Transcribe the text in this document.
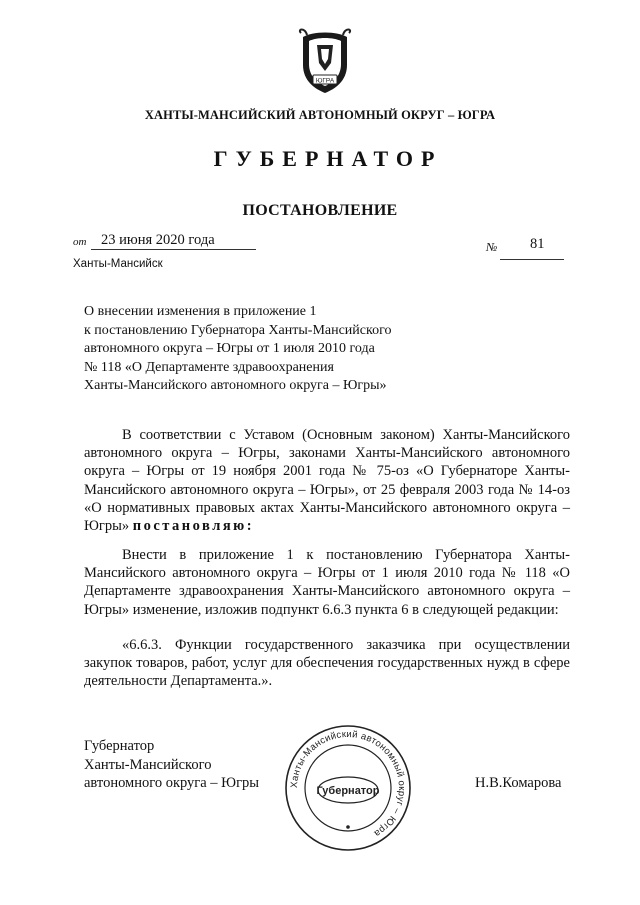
ЮГРА
ХАНТЫ-МАНСИЙСКИЙ АВТОНОМНЫЙ ОКРУГ – ЮГРА
ГУБЕРНАТОР
ПОСТАНОВЛЕНИЕ
от 23 июня 2020 года	№ 81
Ханты-Мансийск
О внесении изменения в приложение 1
к постановлению Губернатора Ханты-Мансийского
автономного округа – Югры от 1 июля 2010 года
№ 118 «О Департаменте здравоохранения
Ханты-Мансийского автономного округа – Югры»
В соответствии с Уставом (Основным законом) Ханты-Мансийского автономного округа – Югры, законами Ханты-Мансийского автономного округа – Югры от 19 ноября 2001 года № 75-оз «О Губернаторе Ханты-Мансийского автономного округа – Югры», от 25 февраля 2003 года № 14-оз «О нормативных правовых актах Ханты-Мансийского автономного округа – Югры» постановляю:
Внести в приложение 1 к постановлению Губернатора Ханты-Мансийского автономного округа – Югры от 1 июля 2010 года № 118 «О Департаменте здравоохранения Ханты-Мансийского автономного округа – Югры» изменение, изложив подпункт 6.6.3 пункта 6 в следующей редакции:
«6.6.3. Функции государственного заказчика при осуществлении закупок товаров, работ, услуг для обеспечения государственных нужд в сфере деятельности Департамента.».
Губернатор
Ханты-Мансийского
автономного округа – Югры	Ханты-Мансийский автономный округ – Югра
Губернатор	Н.В.Комарова
